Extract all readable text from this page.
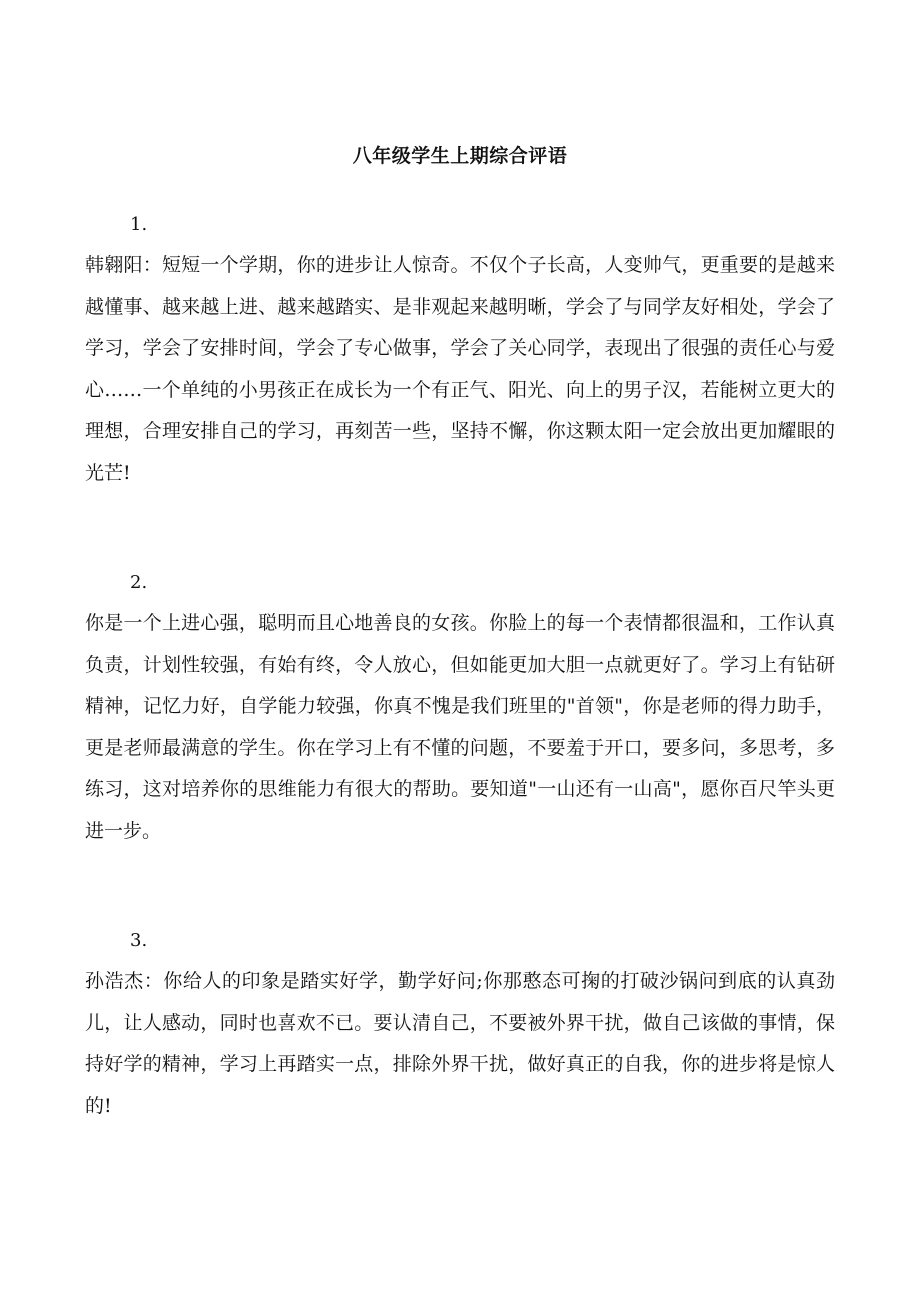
八年级学生上期综合评语
1.

韩翱阳：短短一个学期，你的进步让人惊奇。不仅个子长高，人变帅气，更重要的是越来越懂事、越来越上进、越来越踏实、是非观起来越明晰，学会了与同学友好相处，学会了学习，学会了安排时间，学会了专心做事，学会了关心同学，表现出了很强的责任心与爱心……一个单纯的小男孩正在成长为一个有正气、阳光、向上的男子汉，若能树立更大的理想，合理安排自己的学习，再刻苦一些，坚持不懈，你这颗太阳一定会放出更加耀眼的光芒!

2.

你是一个上进心强，聪明而且心地善良的女孩。你脸上的每一个表情都很温和，工作认真负责，计划性较强，有始有终，令人放心，但如能更加大胆一点就更好了。学习上有钻研精神，记忆力好，自学能力较强，你真不愧是我们班里的"首领"，你是老师的得力助手，更是老师最满意的学生。你在学习上有不懂的问题，不要羞于开口，要多问，多思考，多练习，这对培养你的思维能力有很大的帮助。要知道"一山还有一山高"，愿你百尺竿头更进一步。

3.

孙浩杰：你给人的印象是踏实好学，勤学好问;你那憨态可掬的打破沙锅问到底的认真劲儿，让人感动，同时也喜欢不已。要认清自己，不要被外界干扰，做自己该做的事情，保持好学的精神，学习上再踏实一点，排除外界干扰，做好真正的自我，你的进步将是惊人的!
